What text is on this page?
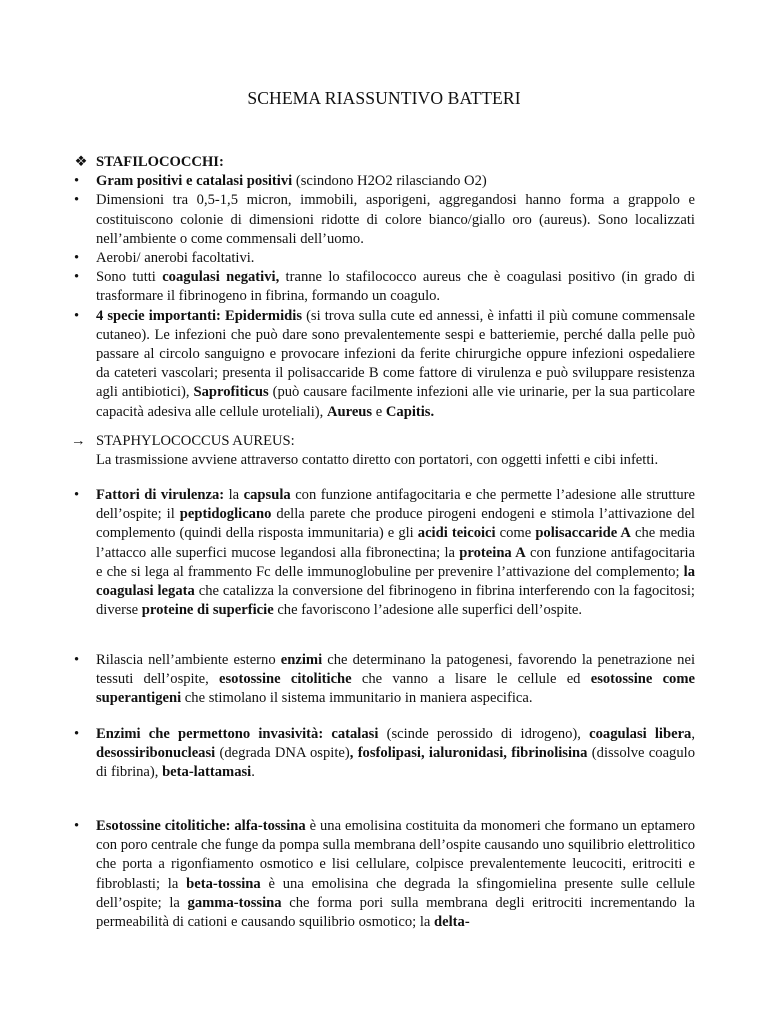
SCHEMA RIASSUNTIVO BATTERI
❖ STAFILOCOCCHI:
•	Gram positivi e catalasi positivi (scindono H2O2 rilasciando O2)
•	Dimensioni tra 0,5-1,5 micron, immobili, asporigeni, aggregandosi hanno forma a grappolo e costituiscono colonie di dimensioni ridotte di colore bianco/giallo oro (aureus). Sono localizzati nell’ambiente o come commensali dell’uomo.
•	Aerobi/ anerobi facoltativi.
•	Sono tutti coagulasi negativi, tranne lo stafilococco aureus che è coagulasi positivo (in grado di trasformare il fibrinogeno in fibrina, formando un coagulo.
•	4 specie importanti: Epidermidis (si trova sulla cute ed annessi, è infatti il più comune commensale cutaneo). Le infezioni che può dare sono prevalentemente sespi e batteriemie, perché dalla pelle può passare al circolo sanguigno e provocare infezioni da ferite chirurgiche oppure infezioni ospedaliere da cateteri vascolari; presenta il polisaccaride B come fattore di virulenza e può sviluppare resistenza agli antibiotici), Saprofiticus (può causare facilmente infezioni alle vie urinarie, per la sua particolare capacità adesiva alle cellule uroteliali), Aureus e Capitis.
→ STAPHYLOCOCCUS AUREUS:
La trasmissione avviene attraverso contatto diretto con portatori, con oggetti infetti e cibi infetti.
•	Fattori di virulenza: la capsula con funzione antifagocitaria e che permette l’adesione alle strutture dell’ospite; il peptidoglicano della parete che produce pirogeni endogeni e stimola l’attivazione del complemento (quindi della risposta immunitaria) e gli acidi teicoici come polisaccaride A che media l’attacco alle superfici mucose legandosi alla fibronectina; la proteina A con funzione antifagocitaria e che si lega al frammento Fc delle immunoglobuline per prevenire l’attivazione del complemento; la coagulasi legata che catalizza la conversione del fibrinogeno in fibrina interferendo con la fagocitosi; diverse proteine di superficie che favoriscono l’adesione alle superfici dell’ospite.
•	Rilascia nell’ambiente esterno enzimi che determinano la patogenesi, favorendo la penetrazione nei tessuti dell’ospite, esotossine citolitiche che vanno a lisare le cellule ed esotossine come superantigeni che stimolano il sistema immunitario in maniera aspecifica.
•	Enzimi che permettono invasività: catalasi (scinde perossido di idrogeno), coagulasi libera, desossiribonucleasi (degrada DNA ospite), fosfolipasi, ialuronidasi, fibrinolisina (dissolve coagulo di fibrina), beta-lattamasi.
•	Esotossine citolitiche: alfa-tossina è una emolisina costituita da monomeri che formano un eptamero con poro centrale che funge da pompa sulla membrana dell’ospite causando uno squilibrio elettrolitico che porta a rigonfiamento osmotico e lisi cellulare, colpisce prevalentemente leucociti, eritrociti e fibroblasti; la beta-tossina è una emolisina che degrada la sfingomielina presente sulle cellule dell’ospite; la gamma-tossina che forma pori sulla membrana degli eritrociti incrementando la permeabilità di cationi e causando squilibrio osmotico; la delta-
